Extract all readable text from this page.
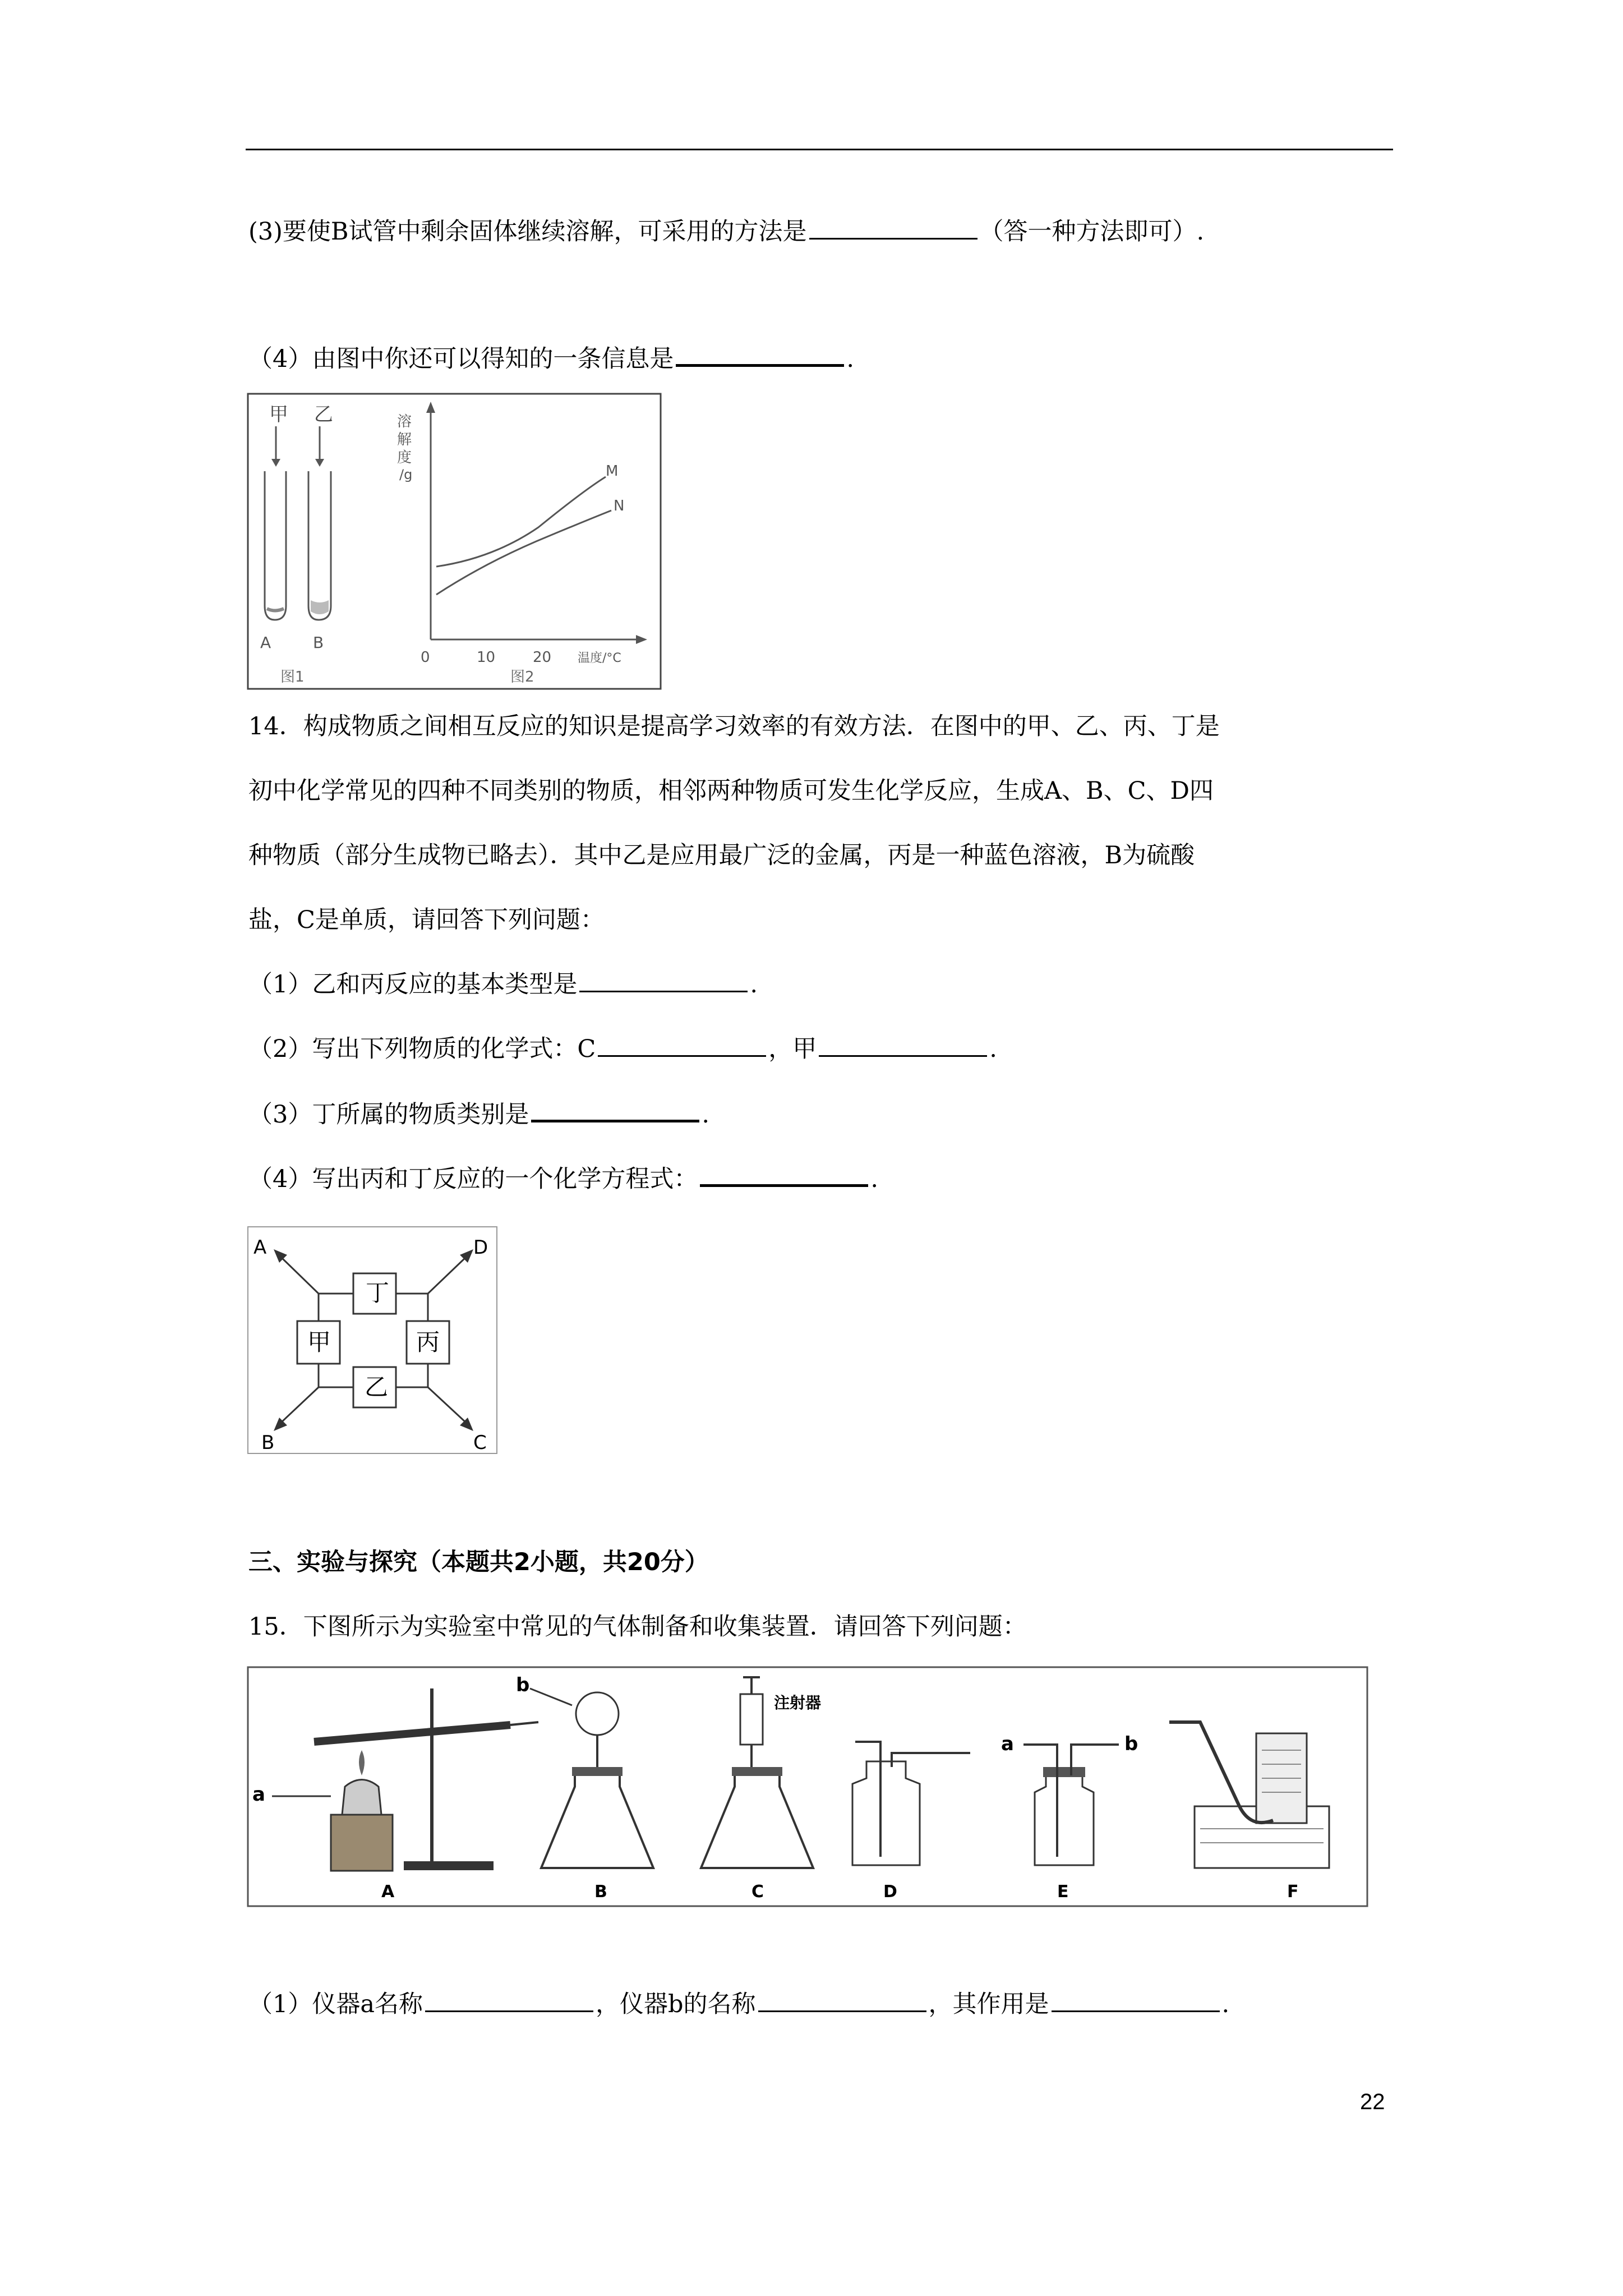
(3)要使B试管中剩余固体继续溶解，可采用的方法是	（答一种方法即可）.
（4）由图中你还可以得知的一条信息是	.
甲 乙
A	B
图1
溶
解
度
/g	M
N
0	10	20 温度/°C
图2
14．构成物质之间相互反应的知识是提高学习效率的有效方法．在图中的甲、乙、丙、丁是
初中化学常见的四种不同类别的物质，相邻两种物质可发生化学反应，生成A、B、C、D四
种物质（部分生成物已略去）．其中乙是应用最广泛的金属，丙是一种蓝色溶液，B为硫酸
盐，C是单质，请回答下列问题：
（1）乙和丙反应的基本类型是	.
（2）写出下列物质的化学式：C	，甲	.
（3）丁所属的物质类别是	.
（4）写出丙和丁反应的一个化学方程式：	.
丁
甲	丙
乙
A	D
B	C
三、实验与探究（本题共2小题，共20分）
15．下图所示为实验室中常见的气体制备和收集装置．请回答下列问题：
a
A
b
B
注射器
C	D
a	b
E	F
（1）仪器a名称	，仪器b的名称	，其作用是	.
22
